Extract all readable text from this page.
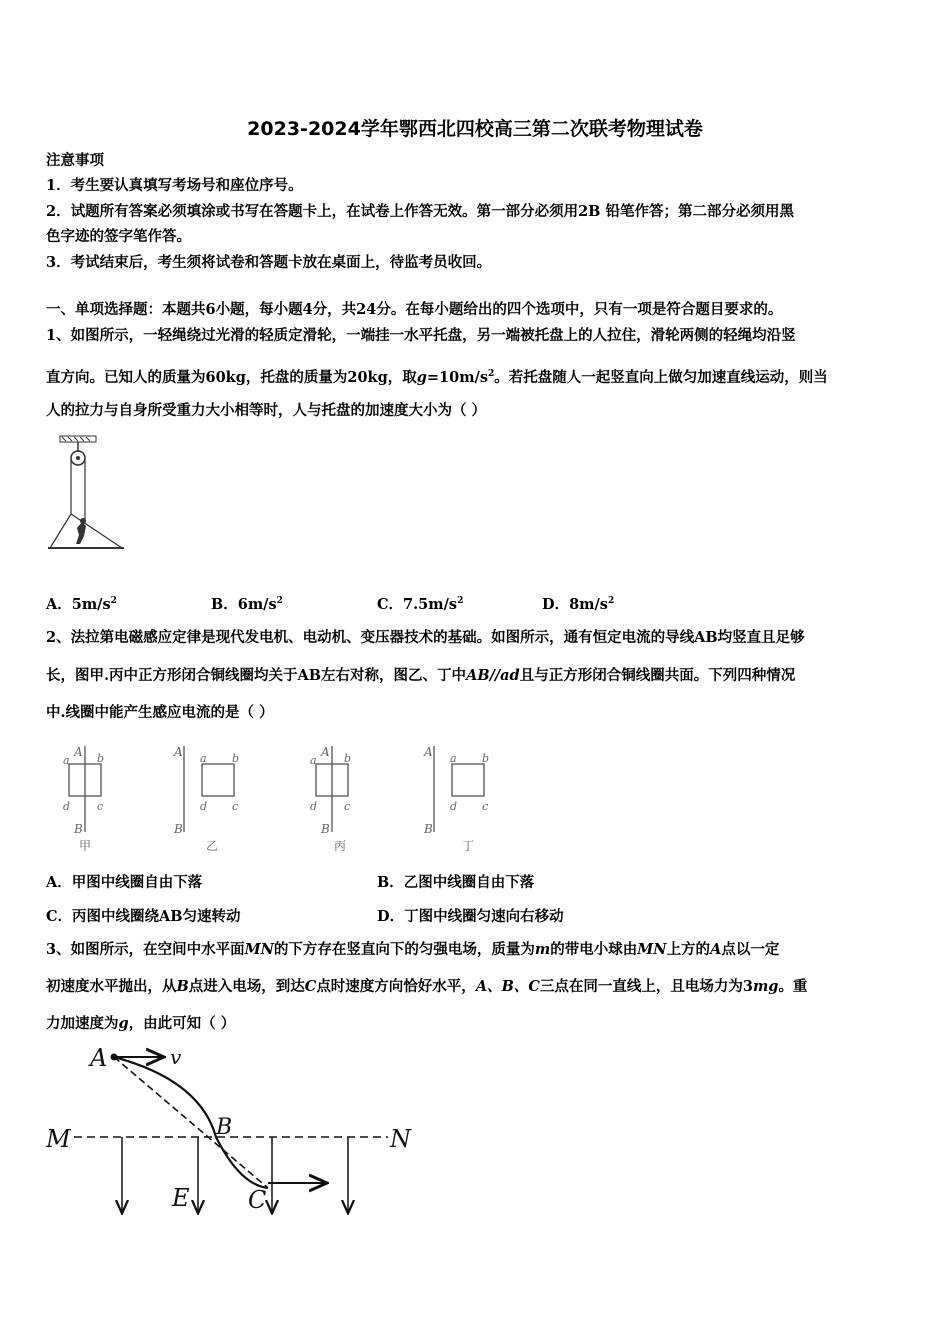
2023-2024学年鄂西北四校高三第二次联考物理试卷
注意事项
1．考生要认真填写考场号和座位序号。
2．试题所有答案必须填涂或书写在答题卡上，在试卷上作答无效。第一部分必须用2B 铅笔作答；第二部分必须用黑
色字迹的签字笔作答。
3．考试结束后，考生须将试卷和答题卡放在桌面上，待监考员收回。
一、单项选择题：本题共6小题，每小题4分，共24分。在每小题给出的四个选项中，只有一项是符合题目要求的。
1、如图所示，一轻绳绕过光滑的轻质定滑轮，一端挂一水平托盘，另一端被托盘上的人拉住，滑轮两侧的轻绳均沿竖
直方向。已知人的质量为60kg，托盘的质量为20kg，取$g=10m/s^2$。若托盘随人一起竖直向上做匀加速直线运动，则当
人的拉力与自身所受重力大小相等时，人与托盘的加速度大小为（ ）
A．$5m/s^2$	B．$6m/s^2$	C．$7.5m/s^2$	D．$8m/s^2$
2、法拉第电磁感应定律是现代发电机、电动机、变压器技术的基础。如图所示，通有恒定电流的导线AB均竖直且足够
长，图甲.丙中正方形闭合铜线圈均关于AB左右对称，图乙、丁中AB//ad且与正方形闭合铜线圈共面。下列四种情况
中.线圈中能产生感应电流的是（ ）
A
a b
d c
B
甲
A a b
d c
B
乙
A
a b
d c
B
丙
A a b
d c
B
丁
A．甲图中线圈自由下落	B．乙图中线圈自由下落
C．丙图中线圈绕AB匀速转动	D．丁图中线圈匀速向右移动
3、如图所示，在空间中水平面MN的下方存在竖直向下的匀强电场，质量为m的带电小球由MN上方的A点以一定
初速度水平抛出，从B点进入电场，到达C点时速度方向恰好水平，A、B、C三点在同一直线上，且电场力为3mg。重
力加速度为g，由此可知（ ）
A	v
M	N
B
E C
